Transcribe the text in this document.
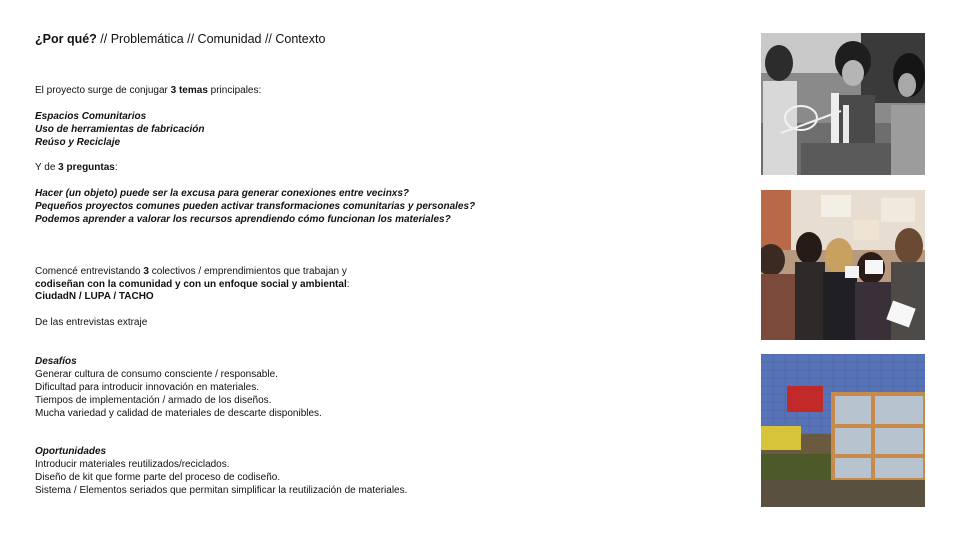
¿Por qué? // Problemática // Comunidad // Contexto

El proyecto surge de conjugar 3 temas principales:

Espacios Comunitarios

Uso de herramientas de fabricación

Reúso y Reciclaje

Y de 3 preguntas:

Hacer (un objeto) puede ser la excusa para generar conexiones entre vecinxs?

Pequeños proyectos comunes pueden activar transformaciones comunitarias y personales?

Podemos aprender a valorar los recursos aprendiendo cómo funcionan los materiales?

Comencé entrevistando 3 colectivos / emprendimientos que trabajan y

codiseñan con la comunidad y con un enfoque social y ambiental:

CiudadN / LUPA / TACHO

De las entrevistas extraje

Desafíos

Generar cultura de consumo consciente / responsable.

Dificultad para introducir innovación en materiales.

Tiempos de implementación / armado de los diseños.

Mucha variedad y calidad de materiales de descarte disponibles.

Oportunidades

Introducir materiales reutilizados/reciclados.

Diseño de kit que forme parte del proceso de codiseño.

Sistema / Elementos seriados que permitan simplificar la reutilización de materiales.
